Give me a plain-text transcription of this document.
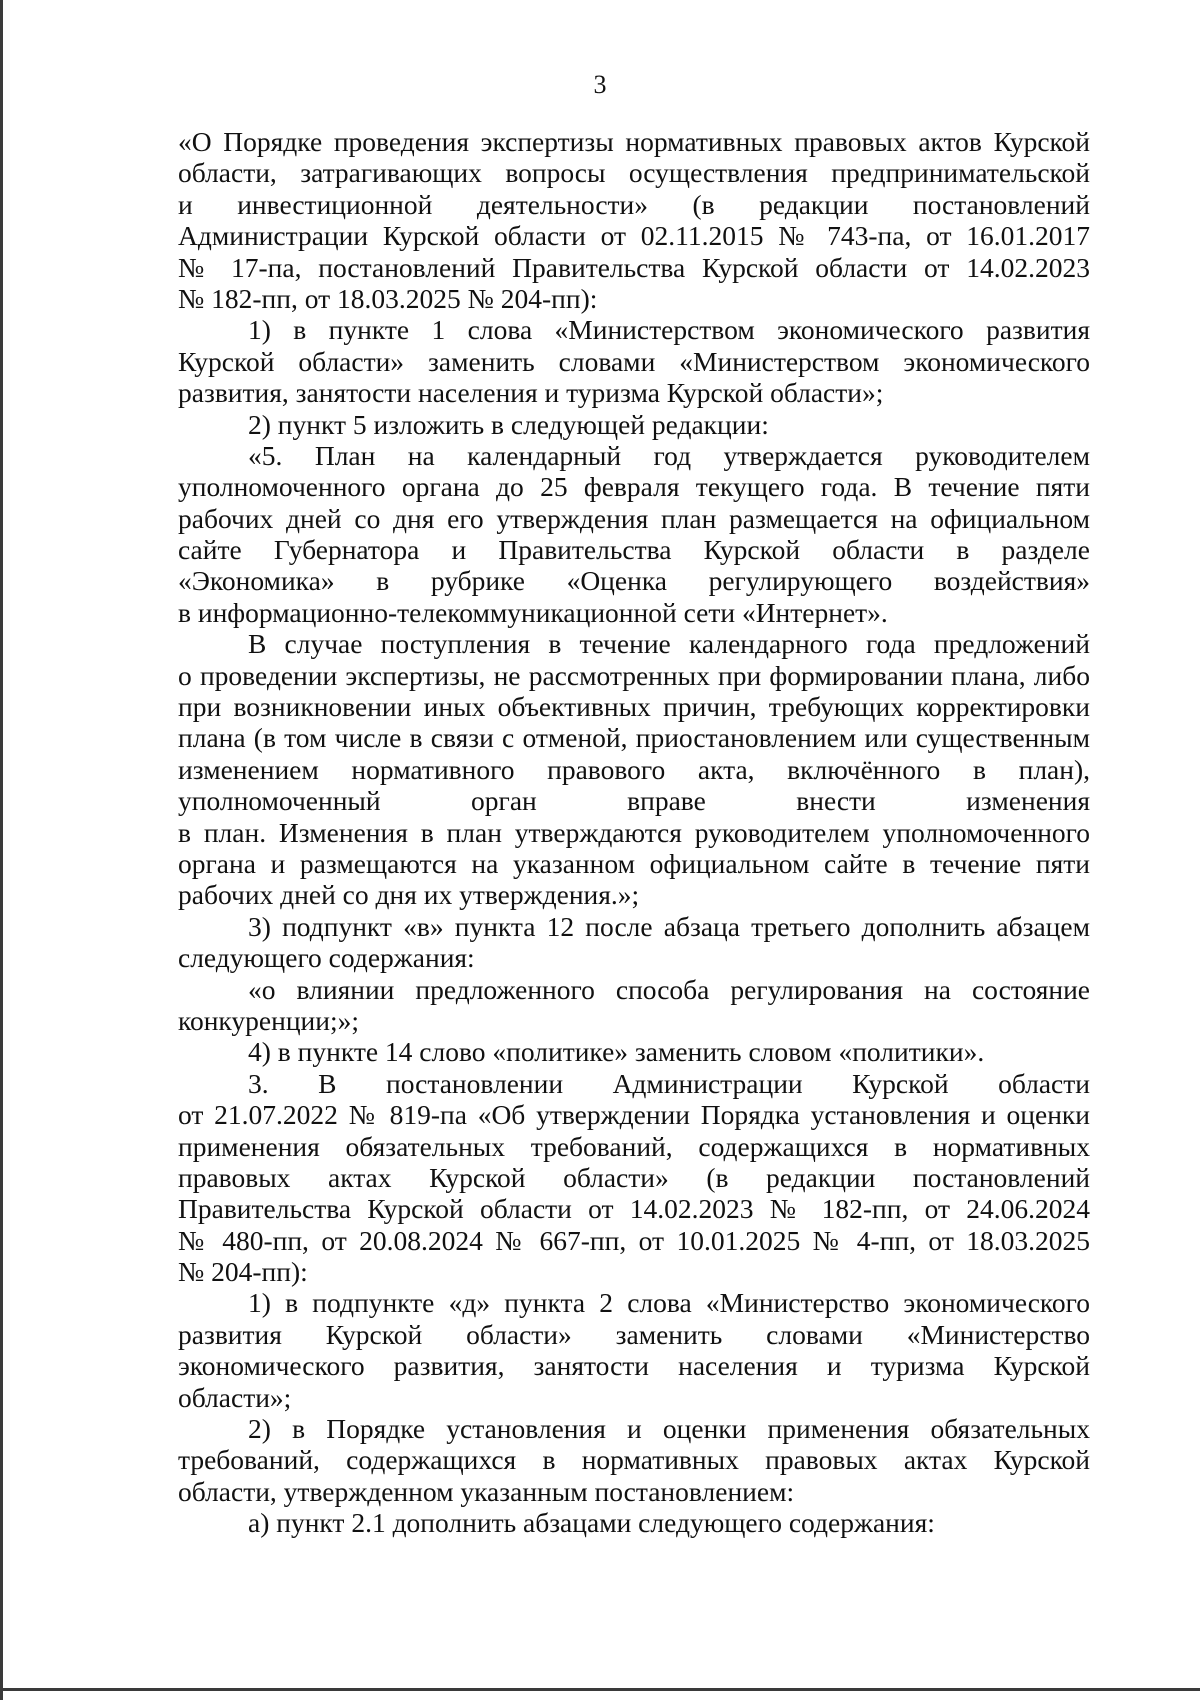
3
«О Порядке проведения экспертизы нормативных правовых актов Курской
области, затрагивающих вопросы осуществления предпринимательской
и инвестиционной деятельности» (в редакции постановлений
Администрации Курской области от 02.11.2015 № 743-па, от 16.01.2017
№ 17-па, постановлений Правительства Курской области от 14.02.2023
№ 182-пп, от 18.03.2025 № 204-пп):
1) в пункте 1 слова «Министерством экономического развития
Курской области» заменить словами «Министерством экономического
развития, занятости населения и туризма Курской области»;
2) пункт 5 изложить в следующей редакции:
«5. План на календарный год утверждается руководителем
уполномоченного органа до 25 февраля текущего года. В течение пяти
рабочих дней со дня его утверждения план размещается на официальном
сайте Губернатора и Правительства Курской области в разделе
«Экономика» в рубрике «Оценка регулирующего воздействия»
в информационно-телекоммуникационной сети «Интернет».
В случае поступления в течение календарного года предложений
о проведении экспертизы, не рассмотренных при формировании плана, либо
при возникновении иных объективных причин, требующих корректировки
плана (в том числе в связи с отменой, приостановлением или существенным
изменением нормативного правового акта, включённого в план),
уполномоченный орган вправе внести изменения
в план. Изменения в план утверждаются руководителем уполномоченного
органа и размещаются на указанном официальном сайте в течение пяти
рабочих дней со дня их утверждения.»;
3) подпункт «в» пункта 12 после абзаца третьего дополнить абзацем
следующего содержания:
«о влиянии предложенного способа регулирования на состояние
конкуренции;»;
4) в пункте 14 слово «политике» заменить словом «политики».
3. В постановлении Администрации Курской области
от 21.07.2022 № 819-па «Об утверждении Порядка установления и оценки
применения обязательных требований, содержащихся в нормативных
правовых актах Курской области» (в редакции постановлений
Правительства Курской области от 14.02.2023 № 182-пп, от 24.06.2024
№ 480-пп, от 20.08.2024 № 667-пп, от 10.01.2025 № 4-пп, от 18.03.2025
№ 204-пп):
1) в подпункте «д» пункта 2 слова «Министерство экономического
развития Курской области» заменить словами «Министерство
экономического развития, занятости населения и туризма Курской
области»;
2) в Порядке установления и оценки применения обязательных
требований, содержащихся в нормативных правовых актах Курской
области, утвержденном указанным постановлением:
а) пункт 2.1 дополнить абзацами следующего содержания:
